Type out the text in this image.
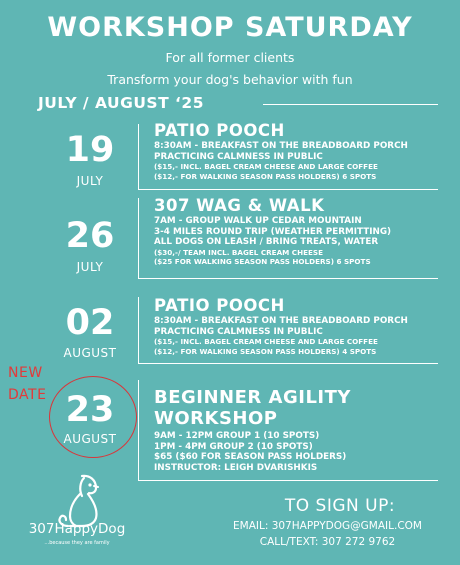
WORKSHOP SATURDAY
For all former clients
Transform your dog's behavior with fun
JULY / AUGUST ‘25
19
JULY
PATIO POOCH
8:30AM - BREAKFAST ON THE BREADBOARD PORCH
PRACTICING CALMNESS IN PUBLIC
($15,- INCL. BAGEL CREAM CHEESE AND LARGE COFFEE
($12,- FOR WALKING SEASON PASS HOLDERS) 6 SPOTS
26
JULY
307 WAG & WALK
7AM - GROUP WALK UP CEDAR MOUNTAIN
3-4 MILES ROUND TRIP (WEATHER PERMITTING)
ALL DOGS ON LEASH / BRING TREATS, WATER
($30,-/ TEAM INCL. BAGEL CREAM CHEESE
($25 FOR WALKING SEASON PASS HOLDERS) 6 SPOTS
02
AUGUST
PATIO POOCH
8:30AM - BREAKFAST ON THE BREADBOARD PORCH
PRACTICING CALMNESS IN PUBLIC
($15,- INCL. BAGEL CREAM CHEESE AND LARGE COFFEE
($12,- FOR WALKING SEASON PASS HOLDERS) 4 SPOTS
NEW
DATE 23
AUGUST
BEGINNER AGILITY
WORKSHOP
9AM - 12PM GROUP 1 (10 SPOTS)
1PM - 4PM GROUP 2 (10 SPOTS)
$65 ($60 FOR SEASON PASS HOLDERS)
INSTRUCTOR: LEIGH DVARISHKIS
307HappyDog
...because they are family
TO SIGN UP:
EMAIL: 307HAPPYDOG@GMAIL.COM
CALL/TEXT: 307 272 9762
